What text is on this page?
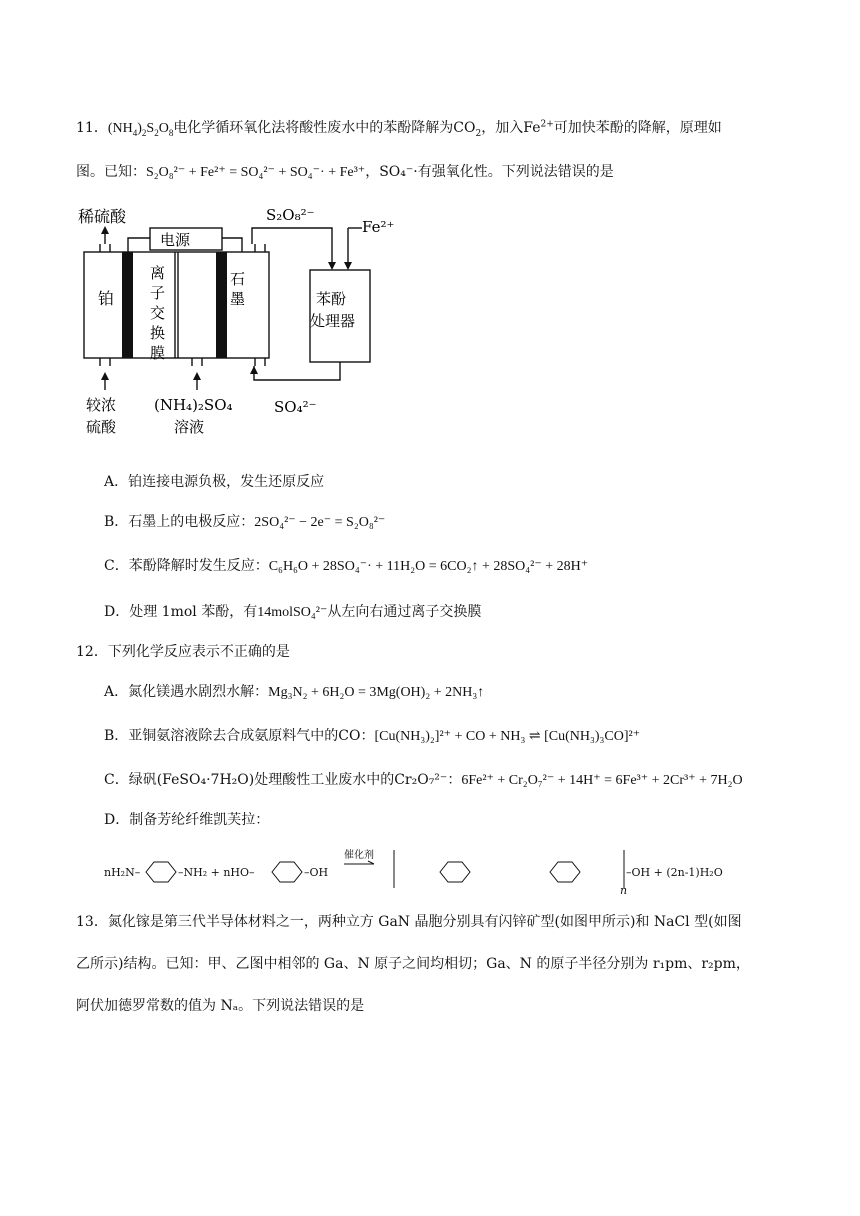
11．$(NH_4)_2S_2O_8$电化学循环氧化法将酸性废水中的苯酚降解为$CO_2$，加入$Fe^{2+}$可加快苯酚的降解，原理如
图。已知：S₂O₈²⁻ + Fe²⁺ = SO₄²⁻ + SO₄⁻· + Fe³⁺，SO₄⁻·有强氧化性。下列说法错误的是
稀硫酸
电源
铂
离
子
交
换
膜
石
墨
S₂O₈²⁻
Fe²⁺
苯酚
处理器
较浓
硫酸
(NH₄)₂SO₄
溶液
SO₄²⁻
A．铂连接电源负极，发生还原反应
B．石墨上的电极反应：2SO₄²⁻ − 2e⁻ = S₂O₈²⁻
C．苯酚降解时发生反应：C₆H₆O + 28SO₄⁻· + 11H₂O = 6CO₂↑ + 28SO₄²⁻ + 28H⁺
D．处理 1mol 苯酚，有14molSO₄²⁻从左向右通过离子交换膜
12．下列化学反应表示不正确的是
A．氮化镁遇水剧烈水解：Mg₃N₂ + 6H₂O = 3Mg(OH)₂ + 2NH₃↑
B．亚铜氨溶液除去合成氨原料气中的CO：[Cu(NH₃)₂]²⁺ + CO + NH₃ ⇌ [Cu(NH₃)₃CO]²⁺
C．绿矾(FeSO₄·7H₂O)处理酸性工业废水中的Cr₂O₇²⁻：6Fe²⁺ + Cr₂O₇²⁻ + 14H⁺ = 6Fe³⁺ + 2Cr³⁺ + 7H₂O
D．制备芳纶纤维凯芙拉：
nH₂N–	–NH₂ + nHO–	–OH
催化剂
–OH + (2n-1)H₂O
n
13．氮化镓是第三代半导体材料之一，两种立方 GaN 晶胞分别具有闪锌矿型(如图甲所示)和 NaCl 型(如图
乙所示)结构。已知：甲、乙图中相邻的 Ga、N 原子之间均相切；Ga、N 的原子半径分别为 r₁pm、r₂pm，
阿伏加德罗常数的值为 Nₐ。下列说法错误的是
